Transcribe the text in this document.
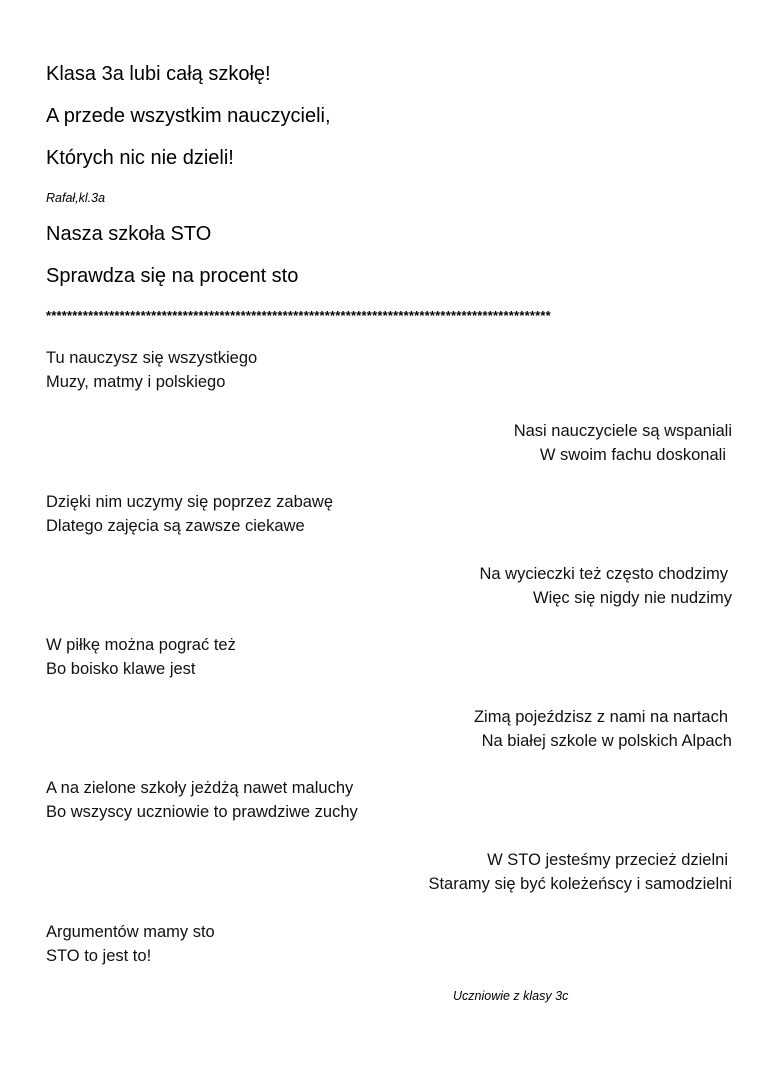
Klasa 3a lubi całą szkołę!
A przede wszystkim nauczycieli,
Których nic nie dzieli!
Rafał,kl.3a
Nasza szkoła STO
Sprawdza się na procent sto
************************************************************************************************
Tu nauczysz się wszystkiego
Muzy, matmy i polskiego
Nasi nauczyciele są wspaniali
W swoim fachu doskonali
Dzięki nim uczymy się poprzez zabawę
Dlatego zajęcia są zawsze ciekawe
Na wycieczki też często chodzimy
Więc się nigdy nie nudzimy
W piłkę można pograć też
Bo boisko klawe jest
Zimą pojeździsz z nami na nartach
Na białej szkole w polskich Alpach
A na zielone szkoły jeżdżą nawet maluchy
Bo wszyscy uczniowie to prawdziwe zuchy
W STO jesteśmy przecież dzielni
Staramy się być koleżeńscy i samodzielni
Argumentów mamy sto
STO to jest to!
Uczniowie z klasy 3c
